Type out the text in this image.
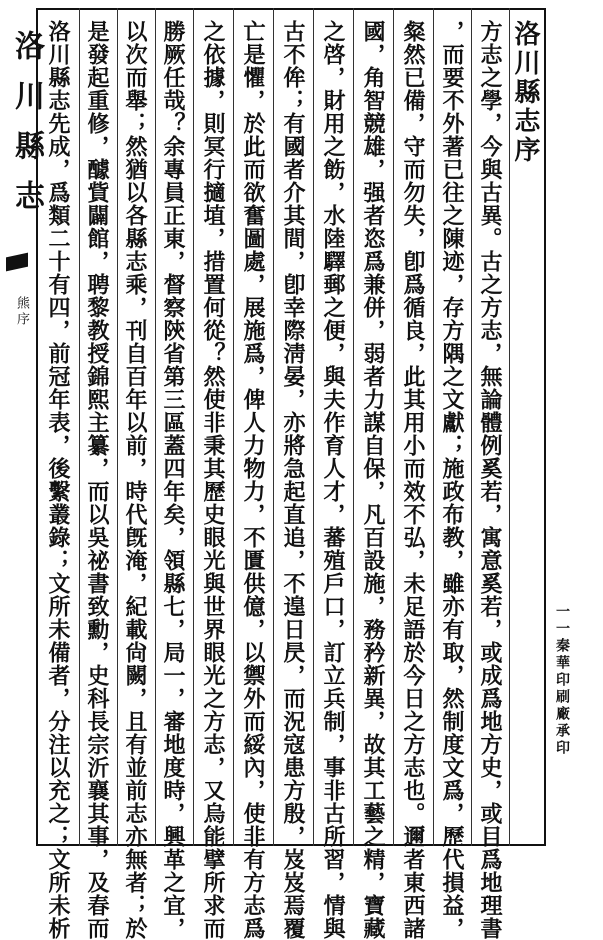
洛川縣志
熊序
洛川縣志序
方志之學，今與古異。古之方志，無論體例奚若，寓意奚若，或成爲地方史，或目爲地理書
，而要不外著已往之陳迹，存方隅之文獻；施政布教，雖亦有取，然制度文爲，歷代損益，
粲然已備，守而勿失，卽爲循良，此其用小而效不弘，未足語於今日之方志也。邇者東西諸
國，角智競雄，强者恣爲兼併，弱者力謀自保，凡百設施，務矜新異，故其工藝之精，寶藏
之啓，財用之飭，水陸驛郵之便，與夫作育人才，蕃殖戶口，訂立兵制，事非古所習，情與
古不侔；有國者介其間，卽幸際淸晏，亦將急起直追，不遑日昃，而況寇患方殷，岌岌焉覆
亡是懼，於此而欲奮圖處，展施爲，俾人力物力，不匱供億，以禦外而綏內，使非有方志爲
之依據，則冥行擿埴，措置何從？然使非秉其歷史眼光與世界眼光之方志，又烏能擘所求而
勝厥任哉？余專員正東，督察陝省第三區蓋四年矣，領縣七，局一，審地度時，興革之宜，
以次而舉；然猶以各縣志乘，刊自百年以前，時代旣淹，紀載尙闕，且有並前志亦無者；於
是發起重修，醵貲闢館，聘黎教授錦熙主纂，而以吳祕書致勳，史科長宗沂襄其事，及春而
洛川縣志先成，爲類二十有四，前冠年表，後繫叢錄；文所未備者，分注以充之；文所未析	一一秦華印刷廠承印
